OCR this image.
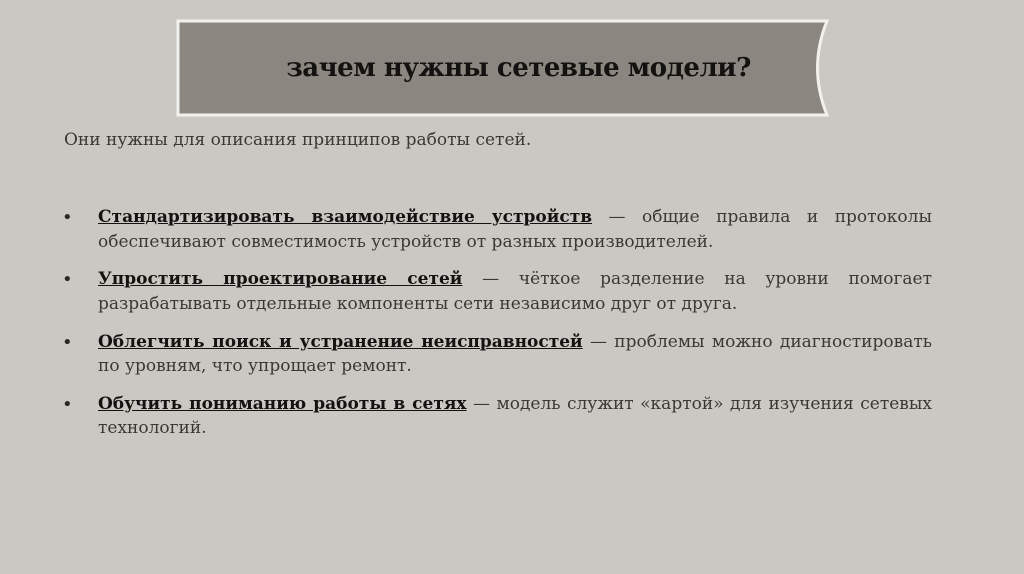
зачем нужны сетевые модели?
Они нужны для описания принципов работы сетей.
• Стандартизировать взаимодействие устройств — общие правила и протоколы обеспечивают совместимость устройств от разных производителей.
• Упростить проектирование сетей — чёткое разделение на уровни помогает разрабатывать отдельные компоненты сети независимо друг от друга.
• Облегчить поиск и устранение неисправностей — проблемы можно диагностировать по уровням, что упрощает ремонт.
• Обучить пониманию работы в сетях — модель служит «картой» для изучения сетевых технологий.
